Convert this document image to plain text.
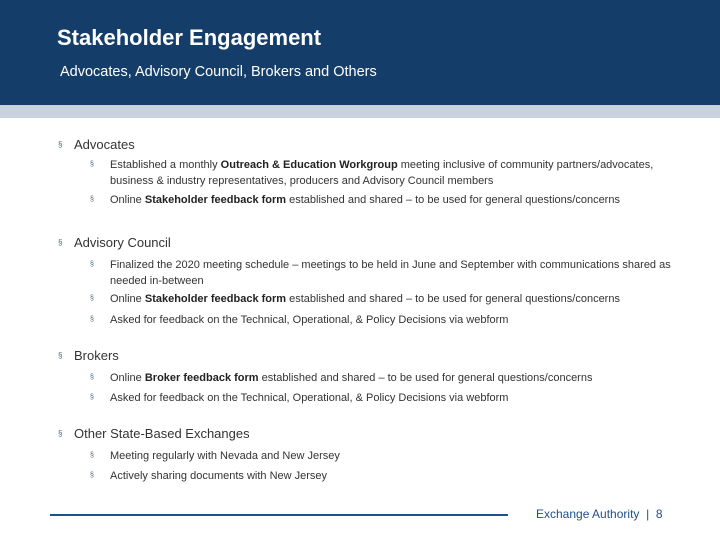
Stakeholder Engagement
Advocates, Advisory Council, Brokers and Others
§ Advocates
§ Established a monthly Outreach & Education Workgroup meeting inclusive of community partners/advocates, business & industry representatives, producers and Advisory Council members
§ Online Stakeholder feedback form established and shared – to be used for general questions/concerns
§ Advisory Council
§ Finalized the 2020 meeting schedule – meetings to be held in June and September with communications shared as needed in-between
§ Online Stakeholder feedback form established and shared – to be used for general questions/concerns
§ Asked for feedback on the Technical, Operational, & Policy Decisions via webform
§ Brokers
§ Online Broker feedback form established and shared – to be used for general questions/concerns
§ Asked for feedback on the Technical, Operational, & Policy Decisions via webform
§ Other State-Based Exchanges
§ Meeting regularly with Nevada and New Jersey
§ Actively sharing documents with New Jersey
Exchange Authority | 8
